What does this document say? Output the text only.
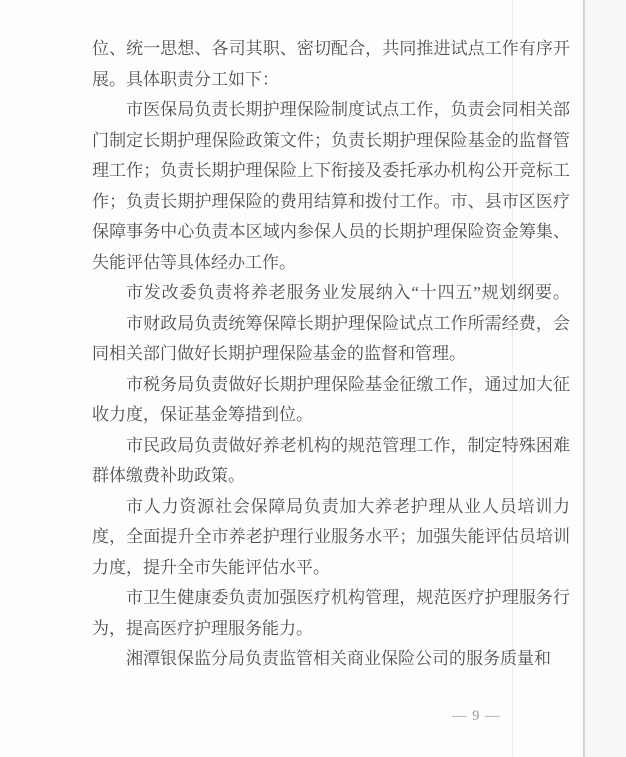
位、统一思想、各司其职、密切配合，共同推进试点工作有序开
展。具体职责分工如下：
市医保局负责长期护理保险制度试点工作，负责会同相关部
门制定长期护理保险政策文件；负责长期护理保险基金的监督管
理工作；负责长期护理保险上下衔接及委托承办机构公开竞标工
作；负责长期护理保险的费用结算和拨付工作。市、县市区医疗
保障事务中心负责本区域内参保人员的长期护理保险资金筹集、
失能评估等具体经办工作。
市发改委负责将养老服务业发展纳入“十四五”规划纲要。
市财政局负责统筹保障长期护理保险试点工作所需经费，会
同相关部门做好长期护理保险基金的监督和管理。
市税务局负责做好长期护理保险基金征缴工作，通过加大征
收力度，保证基金筹措到位。
市民政局负责做好养老机构的规范管理工作，制定特殊困难
群体缴费补助政策。
市人力资源社会保障局负责加大养老护理从业人员培训力
度，全面提升全市养老护理行业服务水平；加强失能评估员培训
力度，提升全市失能评估水平。
市卫生健康委负责加强医疗机构管理，规范医疗护理服务行
为，提高医疗护理服务能力。
湘潭银保监分局负责监管相关商业保险公司的服务质量和
— 9 —
